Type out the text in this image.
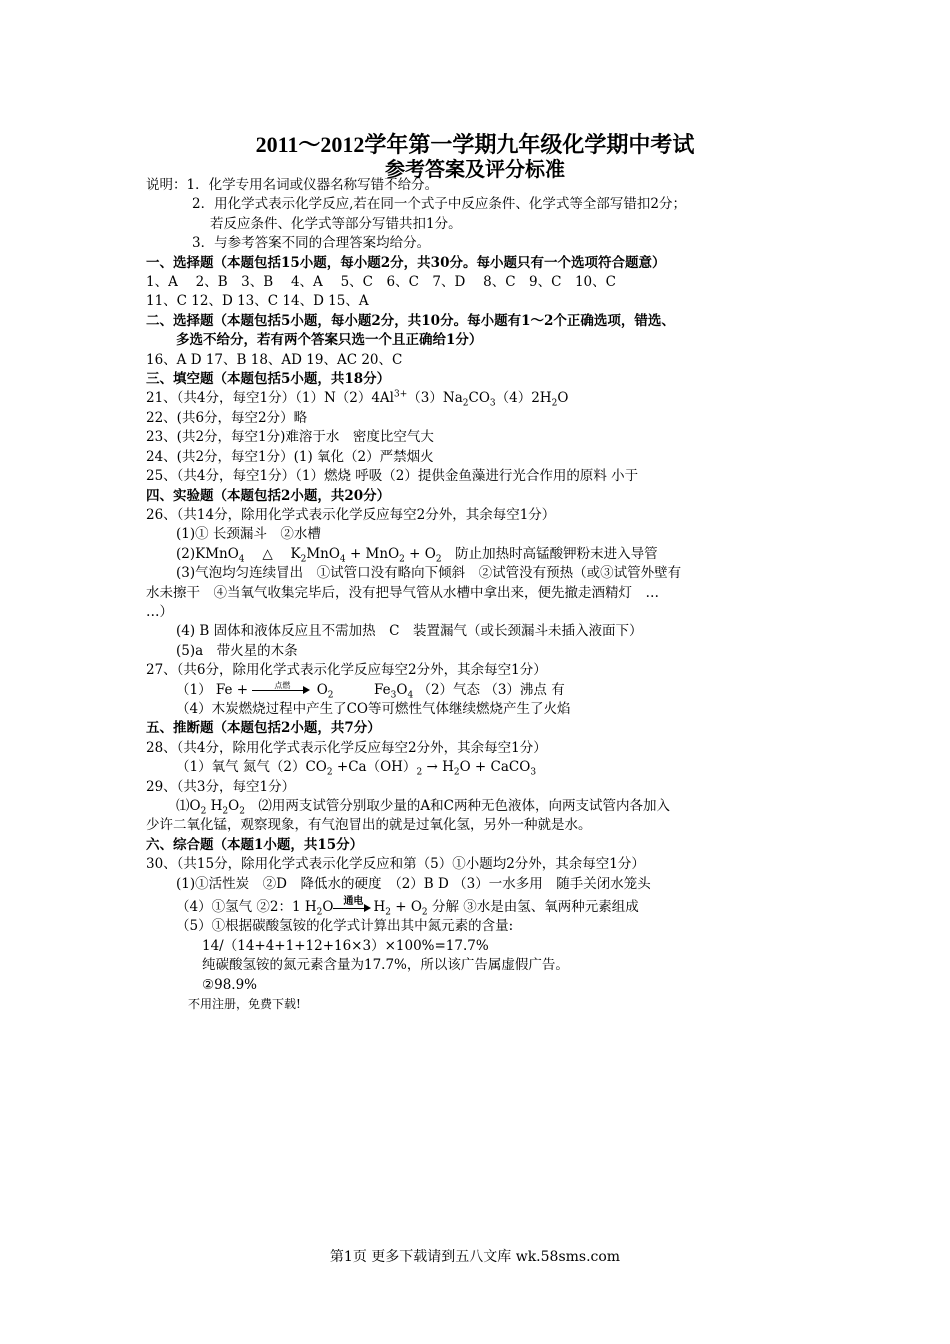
2011～2012学年第一学期九年级化学期中考试
参考答案及评分标准
说明：1．化学专用名词或仪器名称写错不给分。
2．用化学式表示化学反应,若在同一个式子中反应条件、化学式等全部写错扣2分；
若反应条件、化学式等部分写错共扣1分。
3．与参考答案不同的合理答案均给分。
一、选择题（本题包括15小题，每小题2分，共30分。每小题只有一个选项符合题意）
1、A　 2、B　3、B　 4、A　 5、C　6、C　7、D　 8、C　9、C　10、C
11、C 12、D 13、C 14、D 15、A
二、选择题（本题包括5小题，每小题2分，共10分。每小题有1～2个正确选项，错选、
多选不给分，若有两个答案只选一个且正确给1分）
16、A D 17、B 18、AD 19、AC 20、C
三、填空题（本题包括5小题，共18分）
21、（共4分，每空1分）$(1)N(2)4Al^{3+}(3)Na_2CO_3(4)2H_2O$
22、(共6分，每空2分）略
23、(共2分，每空1分)难溶于水　密度比空气大
24、(共2分，每空1分）(1) 氧化（2）严禁烟火
25、（共4分，每空1分）（1）燃烧 呼吸（2）提供金鱼藻进行光合作用的原料 小于
四、实验题（本题包括2小题，共20分）
26、（共14分，除用化学式表示化学反应每空2分外，其余每空1分）
(1)① 长颈漏斗　②水槽
(2)KMnO$_4$　 △ 　$K_2MnO_4 + MnO_2 + O_2$　防止加热时高锰酸钾粉末进入导管
(3)气泡均匀连续冒出　①试管口没有略向下倾斜　②试管没有预热（或③试管外壁有
水未擦干　④当氧气收集完毕后，没有把导气管从水槽中拿出来，便先撤走酒精灯　…
…）
(4) B 固体和液体反应且不需加热　C　装置漏气（或长颈漏斗未插入液面下）
(5)a　带火星的木条
27、（共6分，除用化学式表示化学反应每空2分外，其余每空1分）
（1） Fe +	点燃	$O_2$　　　$Fe_3O_4$ （2）气态 （3）沸点 有
（4）木炭燃烧过程中产生了CO等可燃性气体继续燃烧产生了火焰
五、推断题（本题包括2小题，共7分）
28、（共4分，除用化学式表示化学反应每空2分外，其余每空1分）
（1）氧气 氮气$(2)CO_2 +Ca(OH)_2 \to H_2O$ + CaCO$_3$
29、（共3分，每空1分）
$⑴O_2$ $H_2O_2$　⑵用两支试管分别取少量的A和C两种无色液体，向两支试管内各加入
少许二氧化锰，观察现象，有气泡冒出的就是过氧化氢，另外一种就是水。
六、综合题（本题1小题，共15分）
30、（共15分，除用化学式表示化学反应和第（5）①小题均2分外，其余每空1分）
(1)①活性炭　②D　降低水的硬度　（2）B D （3）一水多用　随手关闭水笼头
（4）①氢气 ②2：1 $H_2O$	通电 $H_2 + O_2$ 分解 ③水是由氢、氧两种元素组成
（5）①根据碳酸氢铵的化学式计算出其中氮元素的含量:
14/（14+4+1+12+16×3）×100%=17.7%
纯碳酸氢铵的氮元素含量为17.7%，所以该广告属虚假广告。
②98.9%
不用注册，免费下载!
第1页 更多下载请到五八文库 wk.58sms.com
